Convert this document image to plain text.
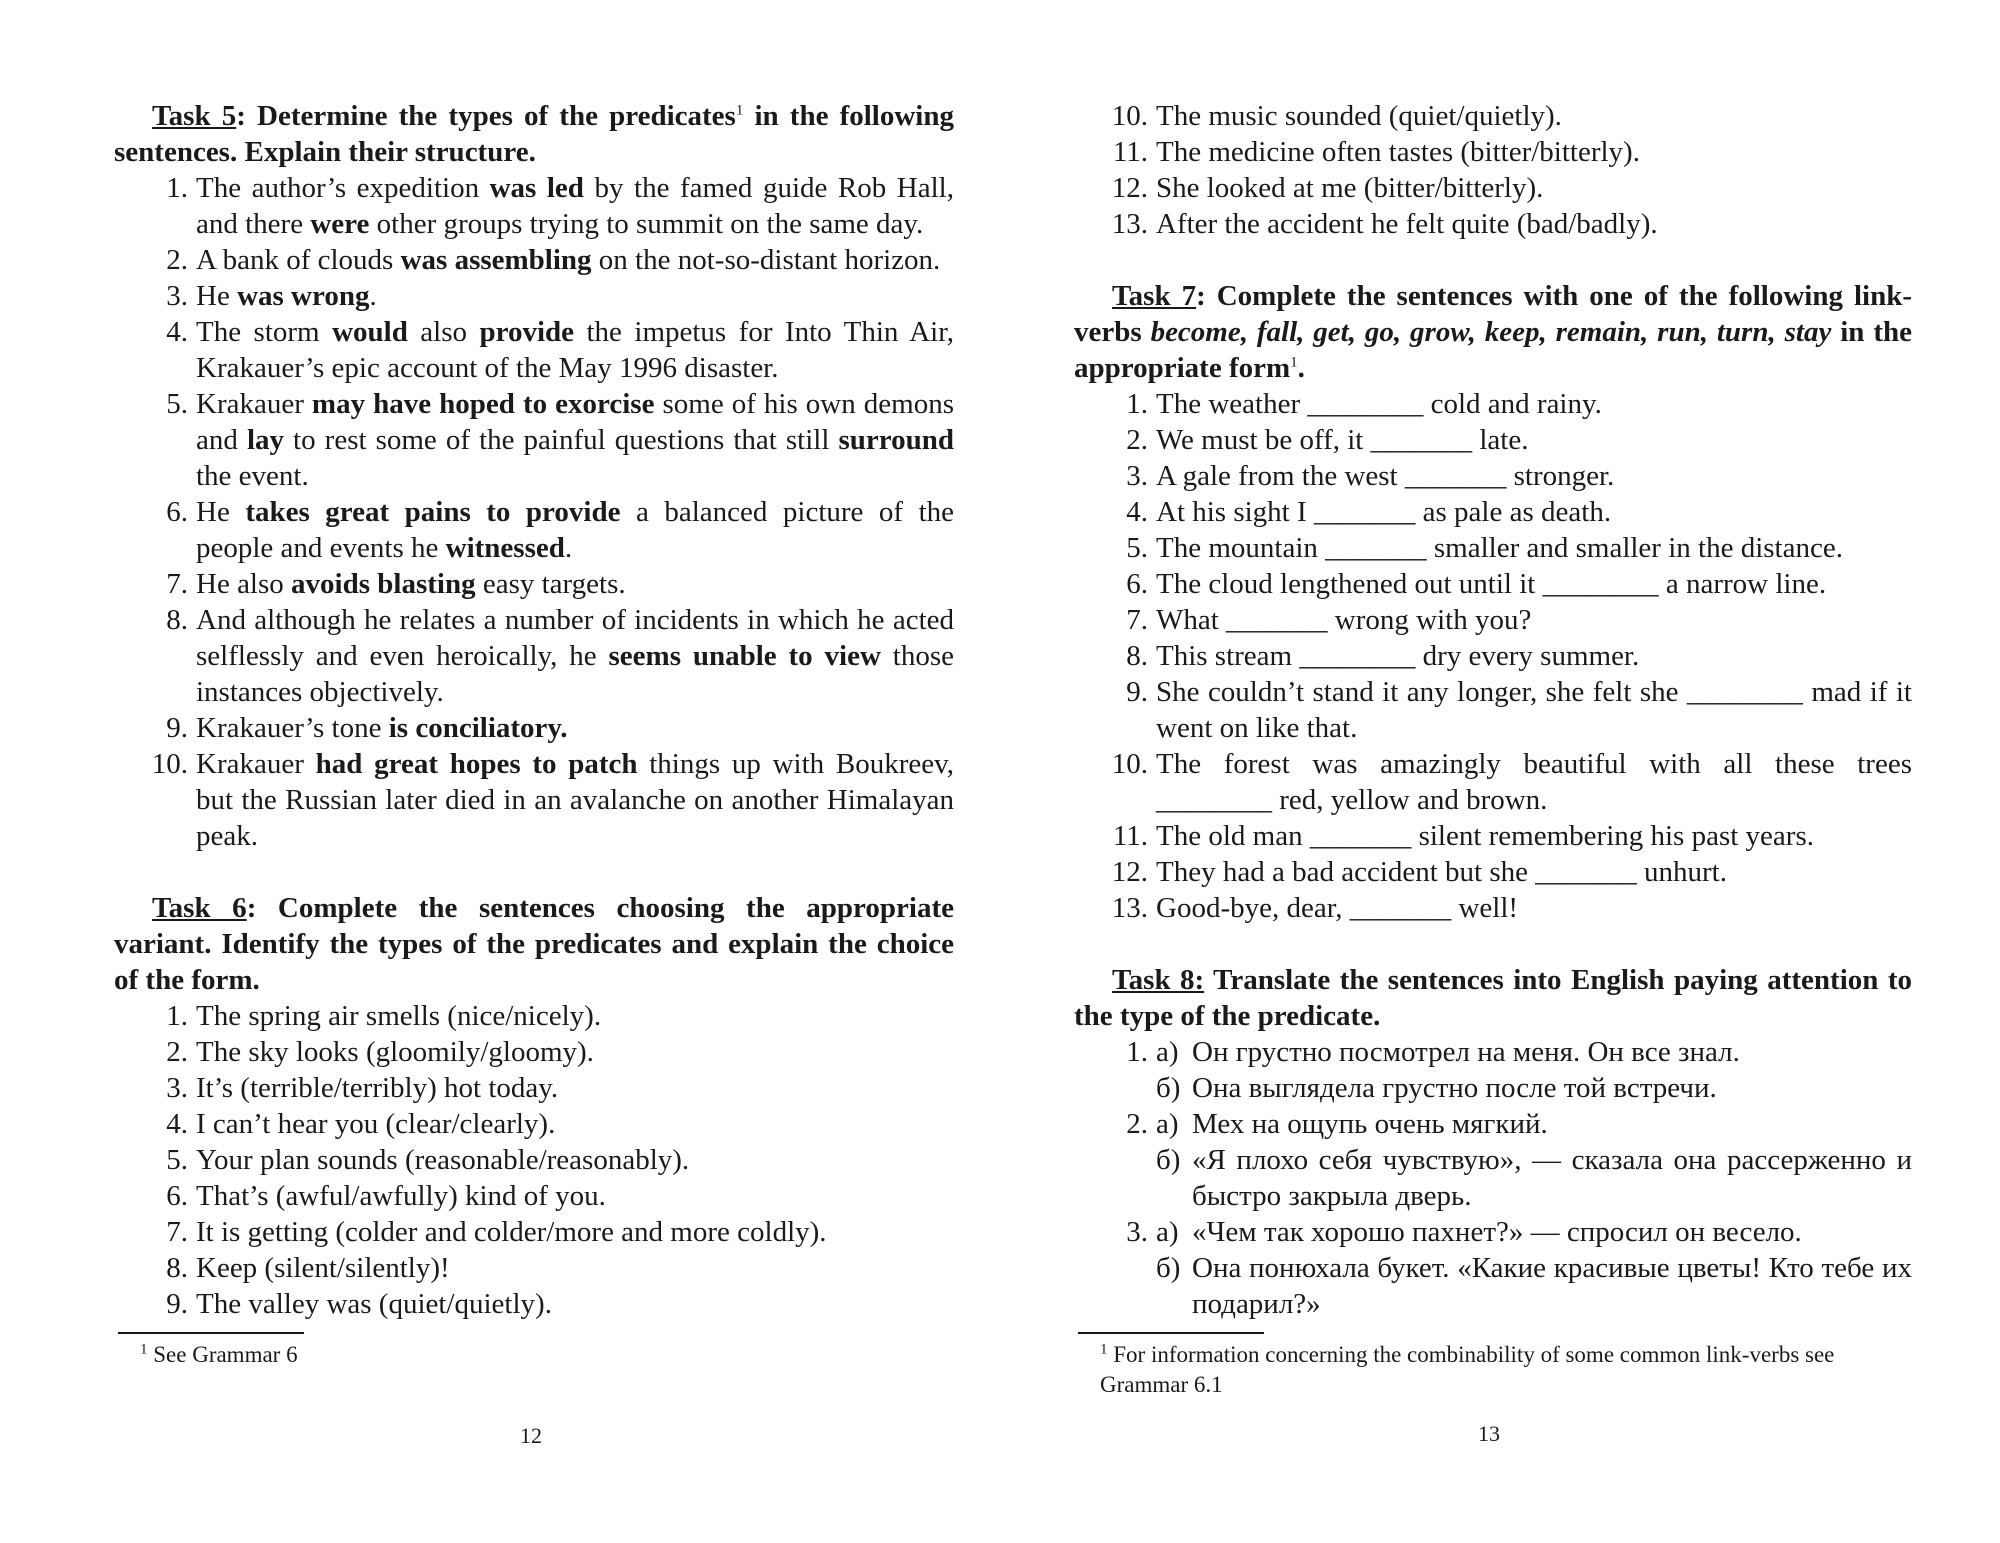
Task 5: Determine the types of the predicates$^1$ in the following sentences. Explain their structure.
1. The author’s expedition was led by the famed guide Rob Hall, and there were other groups trying to summit on the same day.
2. A bank of clouds was assembling on the not-so-distant horizon.
3. He was wrong.
4. The storm would also provide the impetus for Into Thin Air, Krakauer’s epic account of the May 1996 disaster.
5. Krakauer may have hoped to exorcise some of his own demons and lay to rest some of the painful questions that still surround the event.
6. He takes great pains to provide a balanced picture of the people and events he witnessed.
7. He also avoids blasting easy targets.
8. And although he relates a number of incidents in which he acted selflessly and even heroically, he seems unable to view those instances objectively.
9. Krakauer’s tone is conciliatory.
10. Krakauer had great hopes to patch things up with Boukreev, but the Russian later died in an avalanche on another Himalayan peak.
Task 6: Complete the sentences choosing the appropriate variant. Identify the types of the predicates and explain the choice of the form.
1. The spring air smells (nice/nicely).
2. The sky looks (gloomily/gloomy).
3. It’s (terrible/terribly) hot today.
4. I can’t hear you (clear/clearly).
5. Your plan sounds (reasonable/reasonably).
6. That’s (awful/awfully) kind of you.
7. It is getting (colder and colder/more and more coldly).
8. Keep (silent/silently)!
9. The valley was (quiet/quietly).
$^1$ See Grammar 6
12
10. The music sounded (quiet/quietly).
11. The medicine often tastes (bitter/bitterly).
12. She looked at me (bitter/bitterly).
13. After the accident he felt quite (bad/badly).
Task 7: Complete the sentences with one of the following link-verbs become, fall, get, go, grow, keep, remain, run, turn, stay in the appropriate form$^1$.
1. The weather ________ cold and rainy.
2. We must be off, it _______ late.
3. A gale from the west _______ stronger.
4. At his sight I _______ as pale as death.
5. The mountain _______ smaller and smaller in the distance.
6. The cloud lengthened out until it ________ a narrow line.
7. What _______ wrong with you?
8. This stream ________ dry every summer.
9. She couldn’t stand it any longer, she felt she ________ mad if it went on like that.
10. The forest was amazingly beautiful with all these trees ________ red, yellow and brown.
11. The old man _______ silent remembering his past years.
12. They had a bad accident but she _______ unhurt.
13. Good-bye, dear, _______ well!
Task 8: Translate the sentences into English paying attention to the type of the predicate.
1. а) Он грустно посмотрел на меня. Он все знал.
б) Она выглядела грустно после той встречи.
2. а) Мех на ощупь очень мягкий.
б) «Я плохо себя чувствую», — сказала она рассерженно и быстро закрыла дверь.
3. а) «Чем так хорошо пахнет?» — спросил он весело.
б) Она понюхала букет. «Какие красивые цветы! Кто тебе их подарил?»
$^1$ For information concerning the combinability of some common link-verbs see Grammar 6.1
13
